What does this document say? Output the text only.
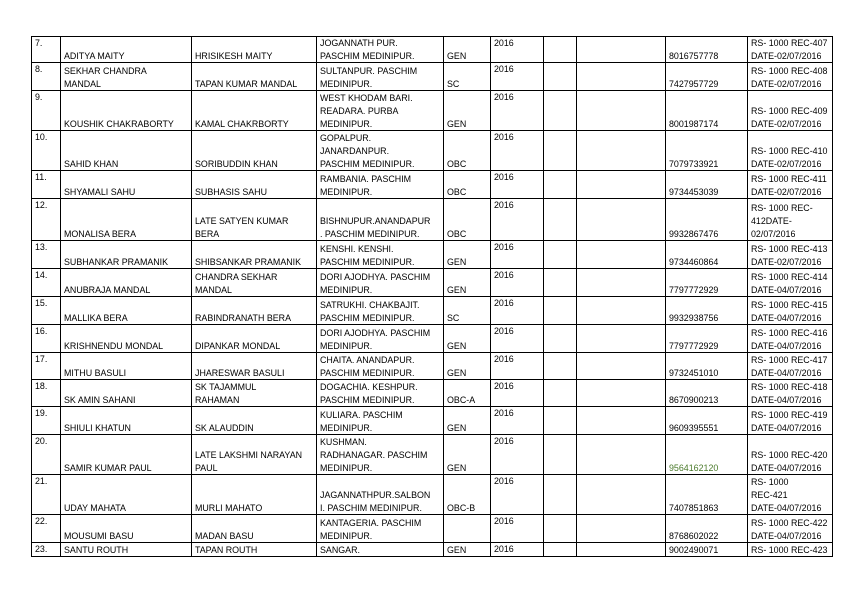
7.	ADITYA MAITY	HRISIKESH MAITY	JOGANNATH PUR.
PASCHIM MEDINIPUR.	GEN	2016			8016757778	RS- 1000 REC-407
DATE-02/07/2016
8.	SEKHAR CHANDRA
MANDAL	TAPAN KUMAR MANDAL	SULTANPUR. PASCHIM
MEDINIPUR.	SC	2016			7427957729	RS- 1000 REC-408
DATE-02/07/2016
9.	KOUSHIK CHAKRABORTY	KAMAL CHAKRBORTY	WEST KHODAM BARI.
READARA. PURBA
MEDINIPUR.	GEN	2016			8001987174	RS- 1000 REC-409
DATE-02/07/2016
10.	SAHID KHAN	SORIBUDDIN KHAN	GOPALPUR.
JANARDANPUR.
PASCHIM MEDINIPUR.	OBC	2016			7079733921	RS- 1000 REC-410
DATE-02/07/2016
11.	SHYAMALI SAHU	SUBHASIS SAHU	RAMBANIA. PASCHIM
MEDINIPUR.	OBC	2016			9734453039	RS- 1000 REC-411
DATE-02/07/2016
12.	MONALISA BERA	LATE SATYEN KUMAR
BERA	BISHNUPUR.ANANDAPUR
. PASCHIM MEDINIPUR.	OBC	2016			9932867476	RS- 1000 REC-
412DATE-
02/07/2016
13.	SUBHANKAR PRAMANIK	SHIBSANKAR PRAMANIK	KENSHI. KENSHI.
PASCHIM MEDINIPUR.	GEN	2016			9734460864	RS- 1000 REC-413
DATE-02/07/2016
14.	ANUBRAJA MANDAL	CHANDRA SEKHAR
MANDAL	DORI AJODHYA. PASCHIM
MEDINIPUR.	GEN	2016			7797772929	RS- 1000 REC-414
DATE-04/07/2016
15.	MALLIKA BERA	RABINDRANATH BERA	SATRUKHI. CHAKBAJIT.
PASCHIM MEDINIPUR.	SC	2016			9932938756	RS- 1000 REC-415
DATE-04/07/2016
16.	KRISHNENDU MONDAL	DIPANKAR MONDAL	DORI AJODHYA. PASCHIM
MEDINIPUR.	GEN	2016			7797772929	RS- 1000 REC-416
DATE-04/07/2016
17.	MITHU BASULI	JHARESWAR BASULI	CHAITA. ANANDAPUR.
PASCHIM MEDINIPUR.	GEN	2016			9732451010	RS- 1000 REC-417
DATE-04/07/2016
18.	SK AMIN SAHANI	SK TAJAMMUL
RAHAMAN	DOGACHIA. KESHPUR.
PASCHIM MEDINIPUR.	OBC-A	2016			8670900213	RS- 1000 REC-418
DATE-04/07/2016
19.	SHIULI KHATUN	SK ALAUDDIN	KULIARA. PASCHIM
MEDINIPUR.	GEN	2016			9609395551	RS- 1000 REC-419
DATE-04/07/2016
20.	SAMIR KUMAR PAUL	LATE LAKSHMI NARAYAN
PAUL	KUSHMAN.
RADHANAGAR. PASCHIM
MEDINIPUR.	GEN	2016			9564162120	RS- 1000 REC-420
DATE-04/07/2016
21.	UDAY MAHATA	MURLI MAHATO	JAGANNATHPUR.SALBON
I. PASCHIM MEDINIPUR.	OBC-B	2016			7407851863	RS- 1000
REC-421
DATE-04/07/2016
22.	MOUSUMI BASU	MADAN BASU	KANTAGERIA. PASCHIM
MEDINIPUR.		2016			8768602022	RS- 1000 REC-422
DATE-04/07/2016
23.	SANTU ROUTH	TAPAN ROUTH	SANGAR.	GEN	2016			9002490071	RS- 1000 REC-423
